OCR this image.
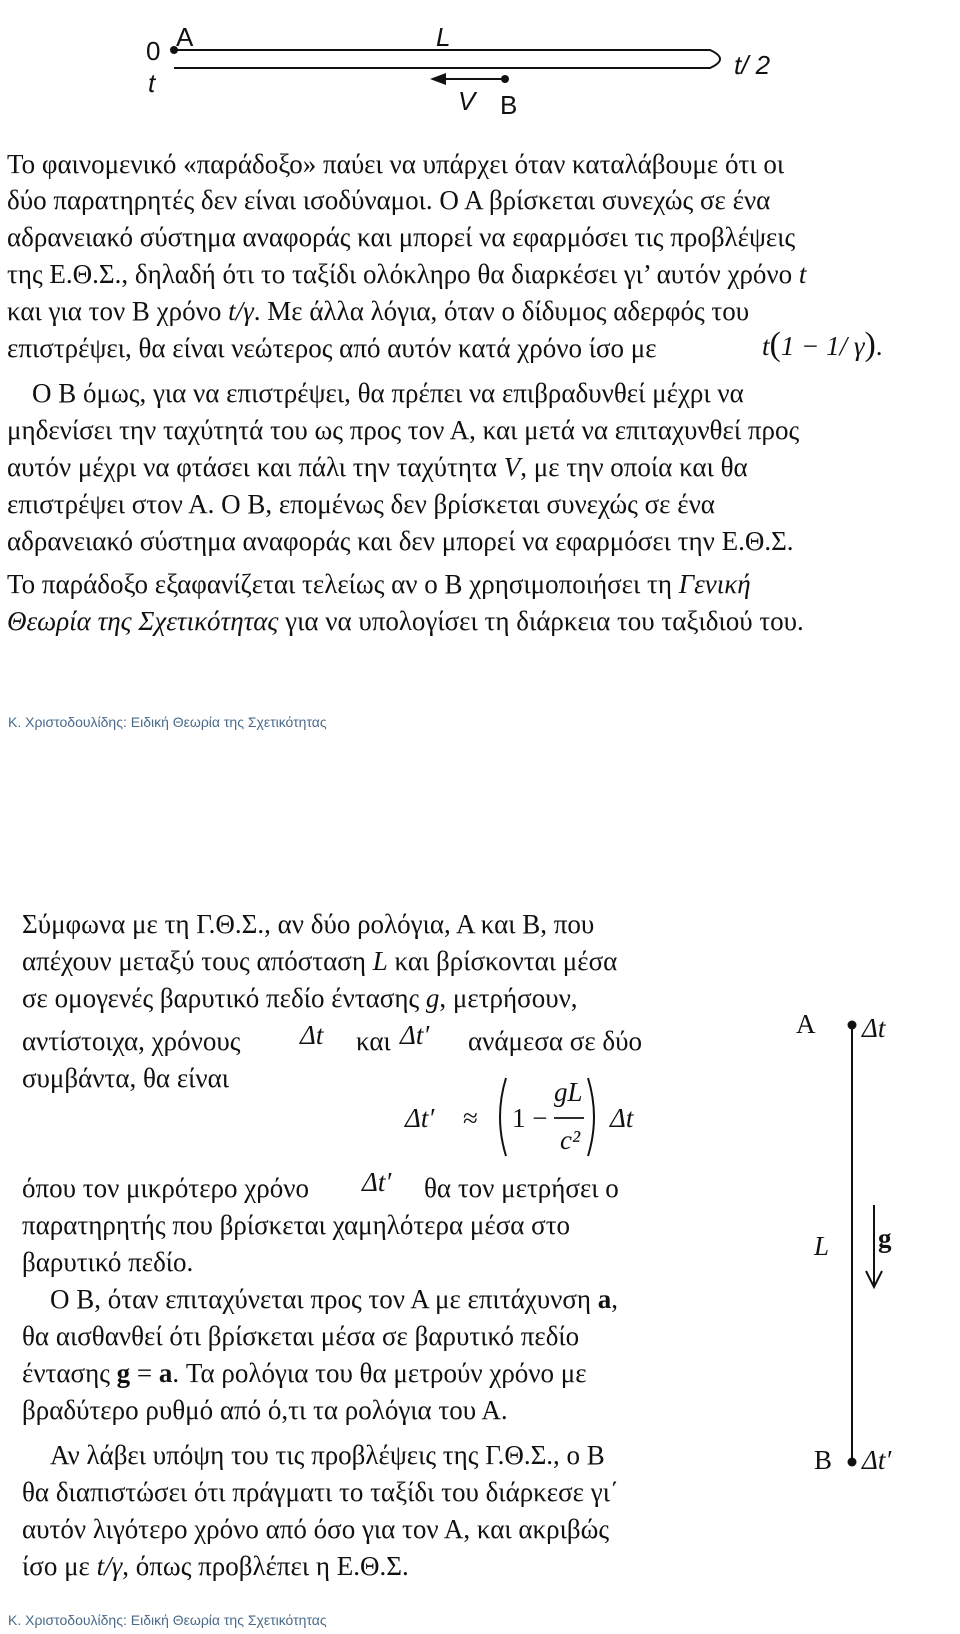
0 A	L
t
V B
t/ 2
Το φαινομενικό «παράδοξο» παύει να υπάρχει όταν καταλάβουμε ότι οι
δύο παρατηρητές δεν είναι ισοδύναμοι. Ο Α βρίσκεται συνεχώς σε ένα
αδρανειακό σύστημα αναφοράς και μπορεί να εφαρμόσει τις προβλέψεις
της Ε.Θ.Σ., δηλαδή ότι το ταξίδι ολόκληρο θα διαρκέσει γι’ αυτόν χρόνο t
και για τον Β χρόνο t/γ. Με άλλα λόγια, όταν ο δίδυμος αδερφός του
επιστρέψει, θα είναι νεώτερος από αυτόν κατά χρόνο ίσο με	t(1 − 1/ γ).
Ο Β όμως, για να επιστρέψει, θα πρέπει να επιβραδυνθεί μέχρι να
μηδενίσει την ταχύτητά του ως προς τον Α, και μετά να επιταχυνθεί προς
αυτόν μέχρι να φτάσει και πάλι την ταχύτητα V, με την οποία και θα
επιστρέψει στον Α. Ο Β, επομένως δεν βρίσκεται συνεχώς σε ένα
αδρανειακό σύστημα αναφοράς και δεν μπορεί να εφαρμόσει την Ε.Θ.Σ.
Το παράδοξο εξαφανίζεται τελείως αν ο Β χρησιμοποιήσει τη Γενική
Θεωρία της Σχετικότητας για να υπολογίσει τη διάρκεια του ταξιδιού του.
Κ. Χριστοδουλίδης: Ειδική Θεωρία της Σχετικότητας
Σύμφωνα με τη Γ.Θ.Σ., αν δύο ρολόγια, Α και Β, που
απέχουν μεταξύ τους απόσταση L και βρίσκονται μέσα
σε ομογενές βαρυτικό πεδίο έντασης g, μετρήσουν,
αντίστοιχα, χρόνους Δt και Δt′ ανάμεσα σε δύο
συμβάντα, θα είναι
Δt′ ≈ 1 −
gL
c²
Δt
όπου τον μικρότερο χρόνο Δt′ θα τον μετρήσει ο
παρατηρητής που βρίσκεται χαμηλότερα μέσα στο
βαρυτικό πεδίο.
Ο Β, όταν επιταχύνεται προς τον Α με επιτάχυνση a,
θα αισθανθεί ότι βρίσκεται μέσα σε βαρυτικό πεδίο
έντασης g = a. Τα ρολόγια του θα μετρούν χρόνο με
βραδύτερο ρυθμό από ό,τι τα ρολόγια του Α.
Αν λάβει υπόψη του τις προβλέψεις της Γ.Θ.Σ., ο Β
θα διαπιστώσει ότι πράγματι το ταξίδι του διάρκεσε γι΄
αυτόν λιγότερο χρόνο από όσο για τον Α, και ακριβώς
ίσο με t/γ, όπως προβλέπει η Ε.Θ.Σ.
A Δt
L g
B Δt′
Κ. Χριστοδουλίδης: Ειδική Θεωρία της Σχετικότητας
